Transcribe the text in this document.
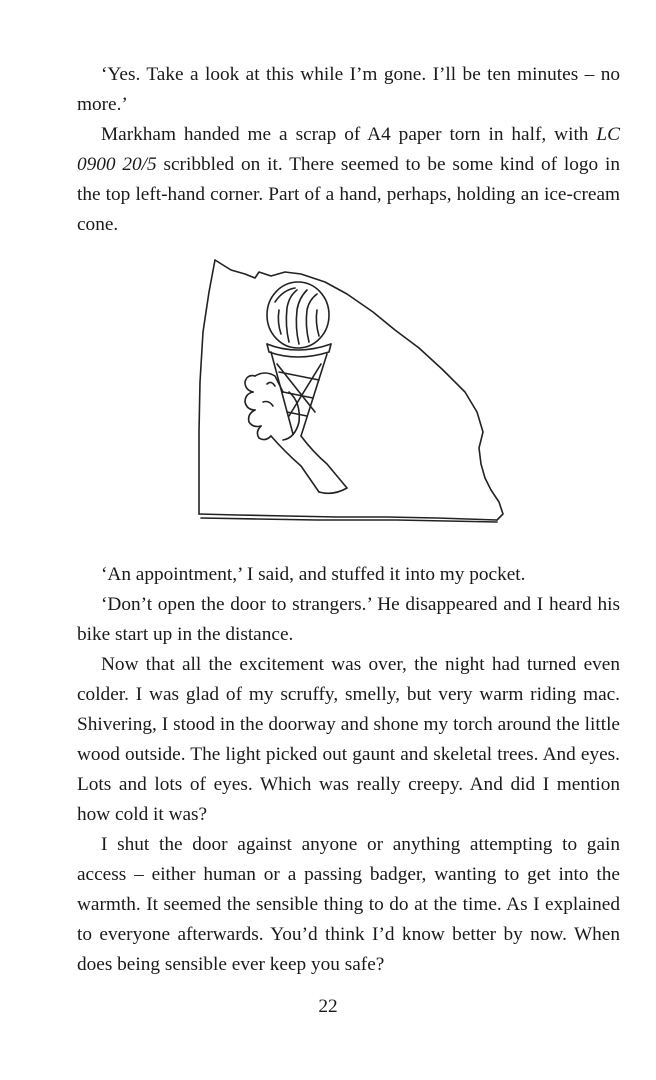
‘Yes. Take a look at this while I’m gone. I’ll be ten minutes – no more.’

Markham handed me a scrap of A4 paper torn in half, with LC 0900 20/5 scribbled on it. There seemed to be some kind of logo in the top left-hand corner. Part of a hand, perhaps, holding an ice-cream cone.

‘An appointment,’ I said, and stuffed it into my pocket.

‘Don’t open the door to strangers.’ He disappeared and I heard his bike start up in the distance.

Now that all the excitement was over, the night had turned even colder. I was glad of my scruffy, smelly, but very warm riding mac. Shivering, I stood in the doorway and shone my torch around the little wood outside. The light picked out gaunt and skeletal trees. And eyes. Lots and lots of eyes. Which was really creepy. And did I mention how cold it was?

I shut the door against anyone or anything attempting to gain access – either human or a passing badger, wanting to get into the warmth. It seemed the sensible thing to do at the time. As I explained to everyone afterwards. You’d think I’d know better by now. When does being sensible ever keep you safe?

22
